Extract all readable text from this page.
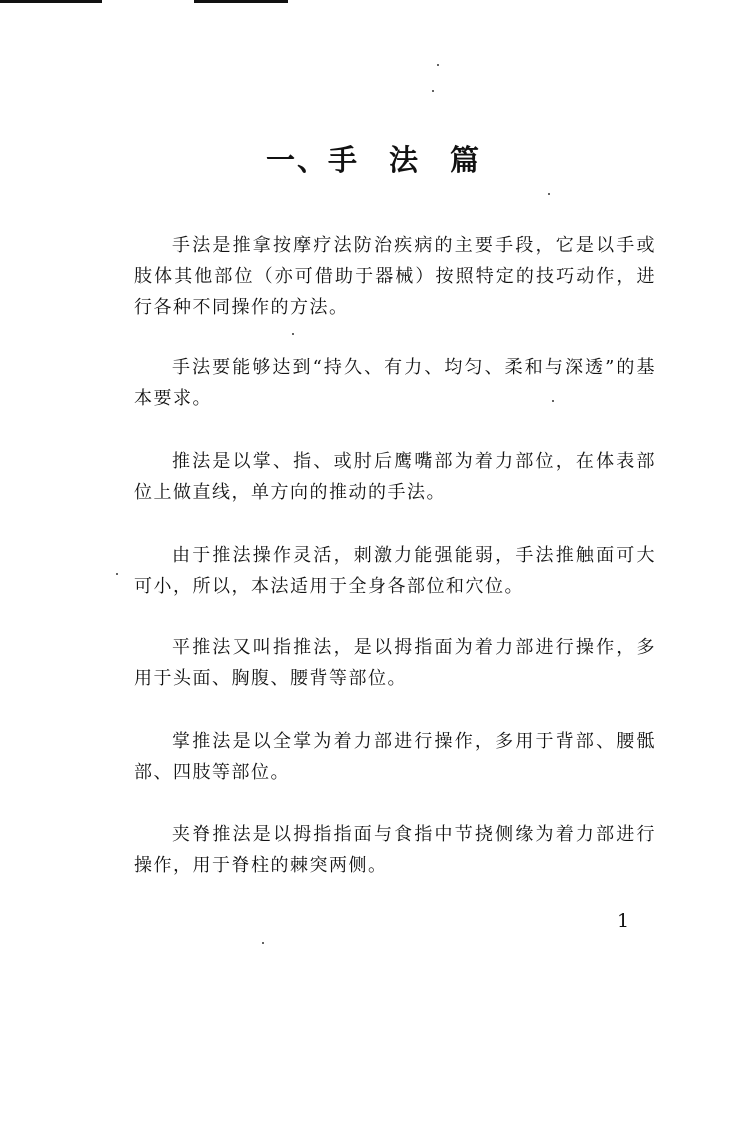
一、手 法 篇

手法是推拿按摩疗法防治疾病的主要手段，它是以手或肢体其他部位（亦可借助于器械）按照特定的技巧动作，进行各种不同操作的方法。

手法要能够达到“持久、有力、均匀、柔和与深透”的基本要求。

推法是以掌、指、或肘后鹰嘴部为着力部位，在体表部位上做直线，单方向的推动的手法。

由于推法操作灵活，刺激力能强能弱，手法推触面可大可小，所以，本法适用于全身各部位和穴位。

平推法又叫指推法，是以拇指面为着力部进行操作，多用于头面、胸腹、腰背等部位。

掌推法是以全掌为着力部进行操作，多用于背部、腰骶部、四肢等部位。

夹脊推法是以拇指指面与食指中节挠侧缘为着力部进行操作，用于脊柱的棘突两侧。

1
